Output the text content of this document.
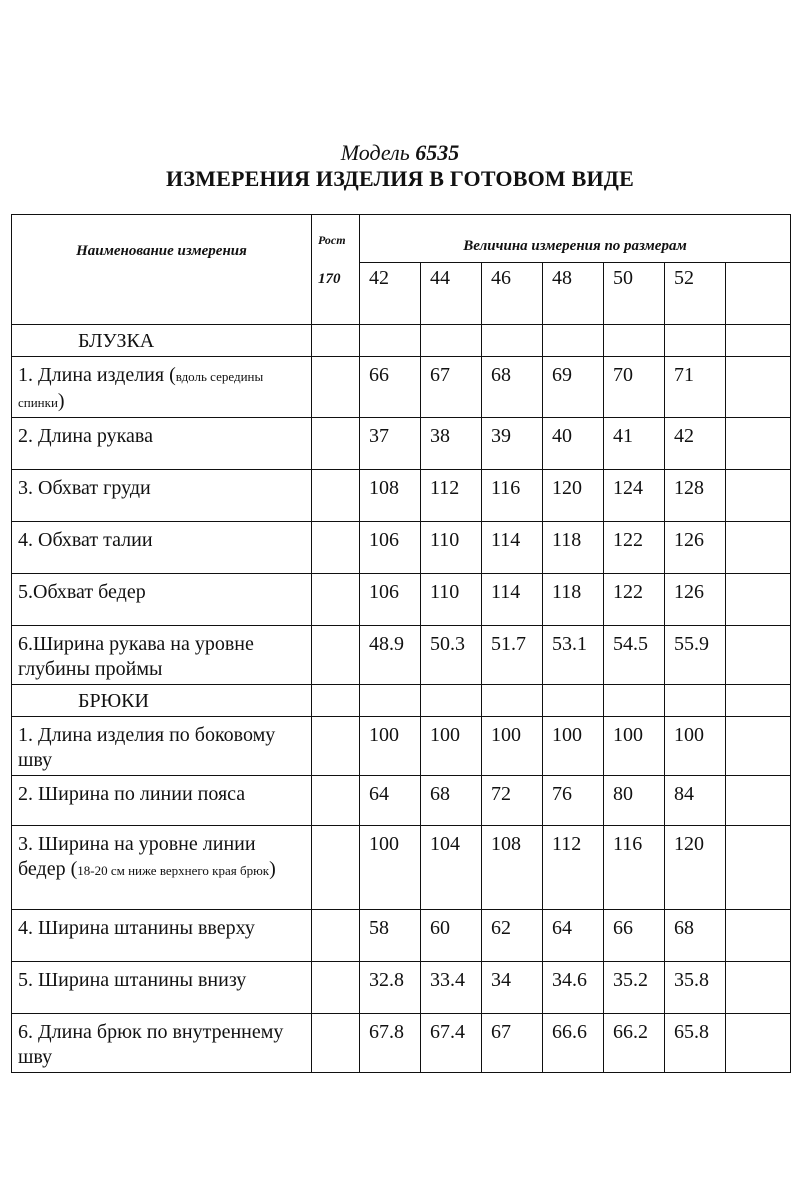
Модель 6535
ИЗМЕРЕНИЯ ИЗДЕЛИЯ В ГОТОВОМ ВИДЕ
Наименование измерения	Рост
170	Величина измерения по размерам						

		42	44	46	48	50	52	
БЛУЗКА								
1. Длина изделия (вдоль середины спинки)		66	67	68	69	70	71	
2. Длина рукава		37	38	39	40	41	42	
3. Обхват груди		108	112	116	120	124	128	
4. Обхват талии		106	110	114	118	122	126	
5.Обхват бедер		106	110	114	118	122	126	
6.Ширина рукава на уровне глубины проймы		48.9	50.3	51.7	53.1	54.5	55.9	
БРЮКИ								
1. Длина изделия по боковому шву		100	100	100	100	100	100	
2. Ширина по линии пояса		64	68	72	76	80	84	
3. Ширина на уровне линии бедер (18-20 см ниже верхнего края брюк)		100	104	108	112	116	120	
4. Ширина штанины вверху		58	60	62	64	66	68	
5. Ширина штанины внизу		32.8	33.4	34	34.6	35.2	35.8	
6. Длина брюк по внутреннему шву		67.8	67.4	67	66.6	66.2	65.8	
